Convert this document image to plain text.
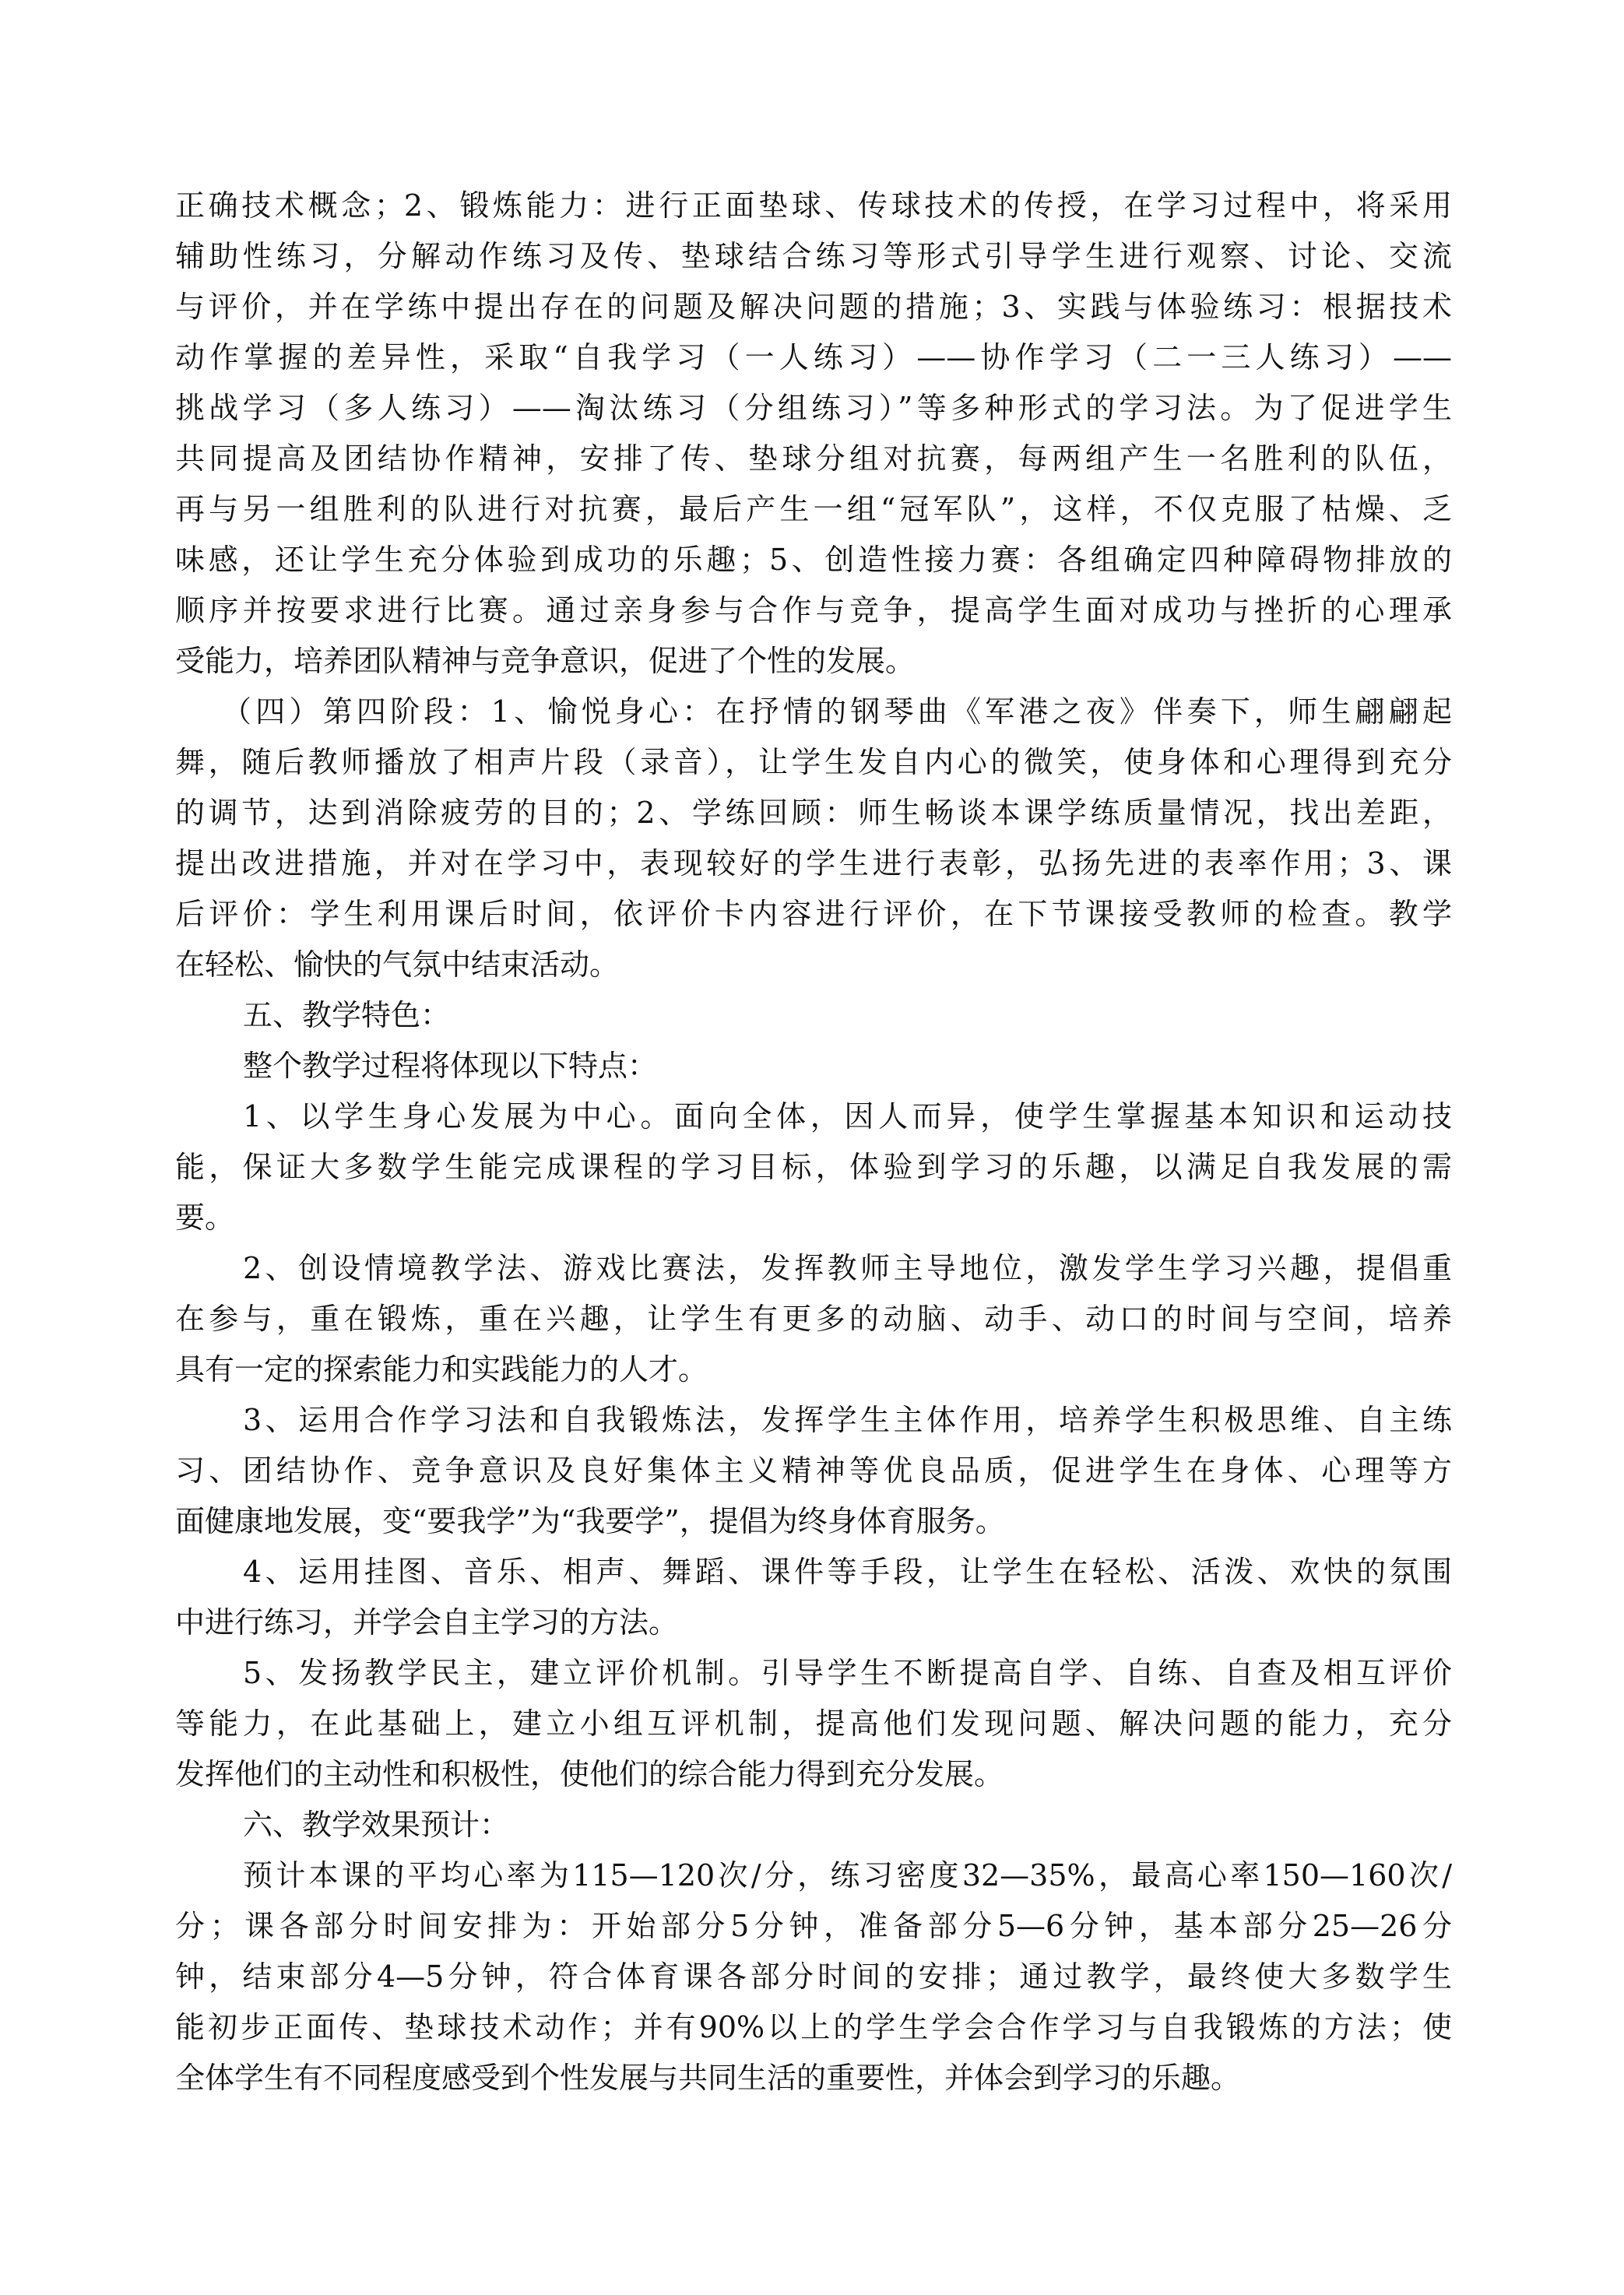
正确技术概念；2、锻炼能力：进行正面垫球、传球技术的传授，在学习过程中，将采用
辅助性练习，分解动作练习及传、垫球结合练习等形式引导学生进行观察、讨论、交流
与评价，并在学练中提出存在的问题及解决问题的措施；3、实践与体验练习：根据技术
动作掌握的差异性，采取“自我学习（一人练习）——协作学习（二一三人练习）——
挑战学习（多人练习）——淘汰练习（分组练习）”等多种形式的学习法。为了促进学生
共同提高及团结协作精神，安排了传、垫球分组对抗赛，每两组产生一名胜利的队伍，
再与另一组胜利的队进行对抗赛，最后产生一组“冠军队”，这样，不仅克服了枯燥、乏
味感，还让学生充分体验到成功的乐趣；5、创造性接力赛：各组确定四种障碍物排放的
顺序并按要求进行比赛。通过亲身参与合作与竞争，提高学生面对成功与挫折的心理承
受能力，培养团队精神与竞争意识，促进了个性的发展。
（四）第四阶段：1、愉悦身心：在抒情的钢琴曲《军港之夜》伴奏下，师生翩翩起
舞，随后教师播放了相声片段（录音），让学生发自内心的微笑，使身体和心理得到充分
的调节，达到消除疲劳的目的；2、学练回顾：师生畅谈本课学练质量情况，找出差距，
提出改进措施，并对在学习中，表现较好的学生进行表彰，弘扬先进的表率作用；3、课
后评价：学生利用课后时间，依评价卡内容进行评价，在下节课接受教师的检查。教学
在轻松、愉快的气氛中结束活动。
五、教学特色：
整个教学过程将体现以下特点：
1、以学生身心发展为中心。面向全体，因人而异，使学生掌握基本知识和运动技
能，保证大多数学生能完成课程的学习目标，体验到学习的乐趣，以满足自我发展的需
要。
2、创设情境教学法、游戏比赛法，发挥教师主导地位，激发学生学习兴趣，提倡重
在参与，重在锻炼，重在兴趣，让学生有更多的动脑、动手、动口的时间与空间，培养
具有一定的探索能力和实践能力的人才。
3、运用合作学习法和自我锻炼法，发挥学生主体作用，培养学生积极思维、自主练
习、团结协作、竞争意识及良好集体主义精神等优良品质，促进学生在身体、心理等方
面健康地发展，变“要我学”为“我要学”，提倡为终身体育服务。
4、运用挂图、音乐、相声、舞蹈、课件等手段，让学生在轻松、活泼、欢快的氛围
中进行练习，并学会自主学习的方法。
5、发扬教学民主，建立评价机制。引导学生不断提高自学、自练、自查及相互评价
等能力，在此基础上，建立小组互评机制，提高他们发现问题、解决问题的能力，充分
发挥他们的主动性和积极性，使他们的综合能力得到充分发展。
六、教学效果预计：
预计本课的平均心率为115—120次/分，练习密度32—35%，最高心率150—160次/
分；课各部分时间安排为：开始部分5分钟，准备部分5—6分钟，基本部分25—26分
钟，结束部分4—5分钟，符合体育课各部分时间的安排；通过教学，最终使大多数学生
能初步正面传、垫球技术动作；并有90%以上的学生学会合作学习与自我锻炼的方法；使
全体学生有不同程度感受到个性发展与共同生活的重要性，并体会到学习的乐趣。
